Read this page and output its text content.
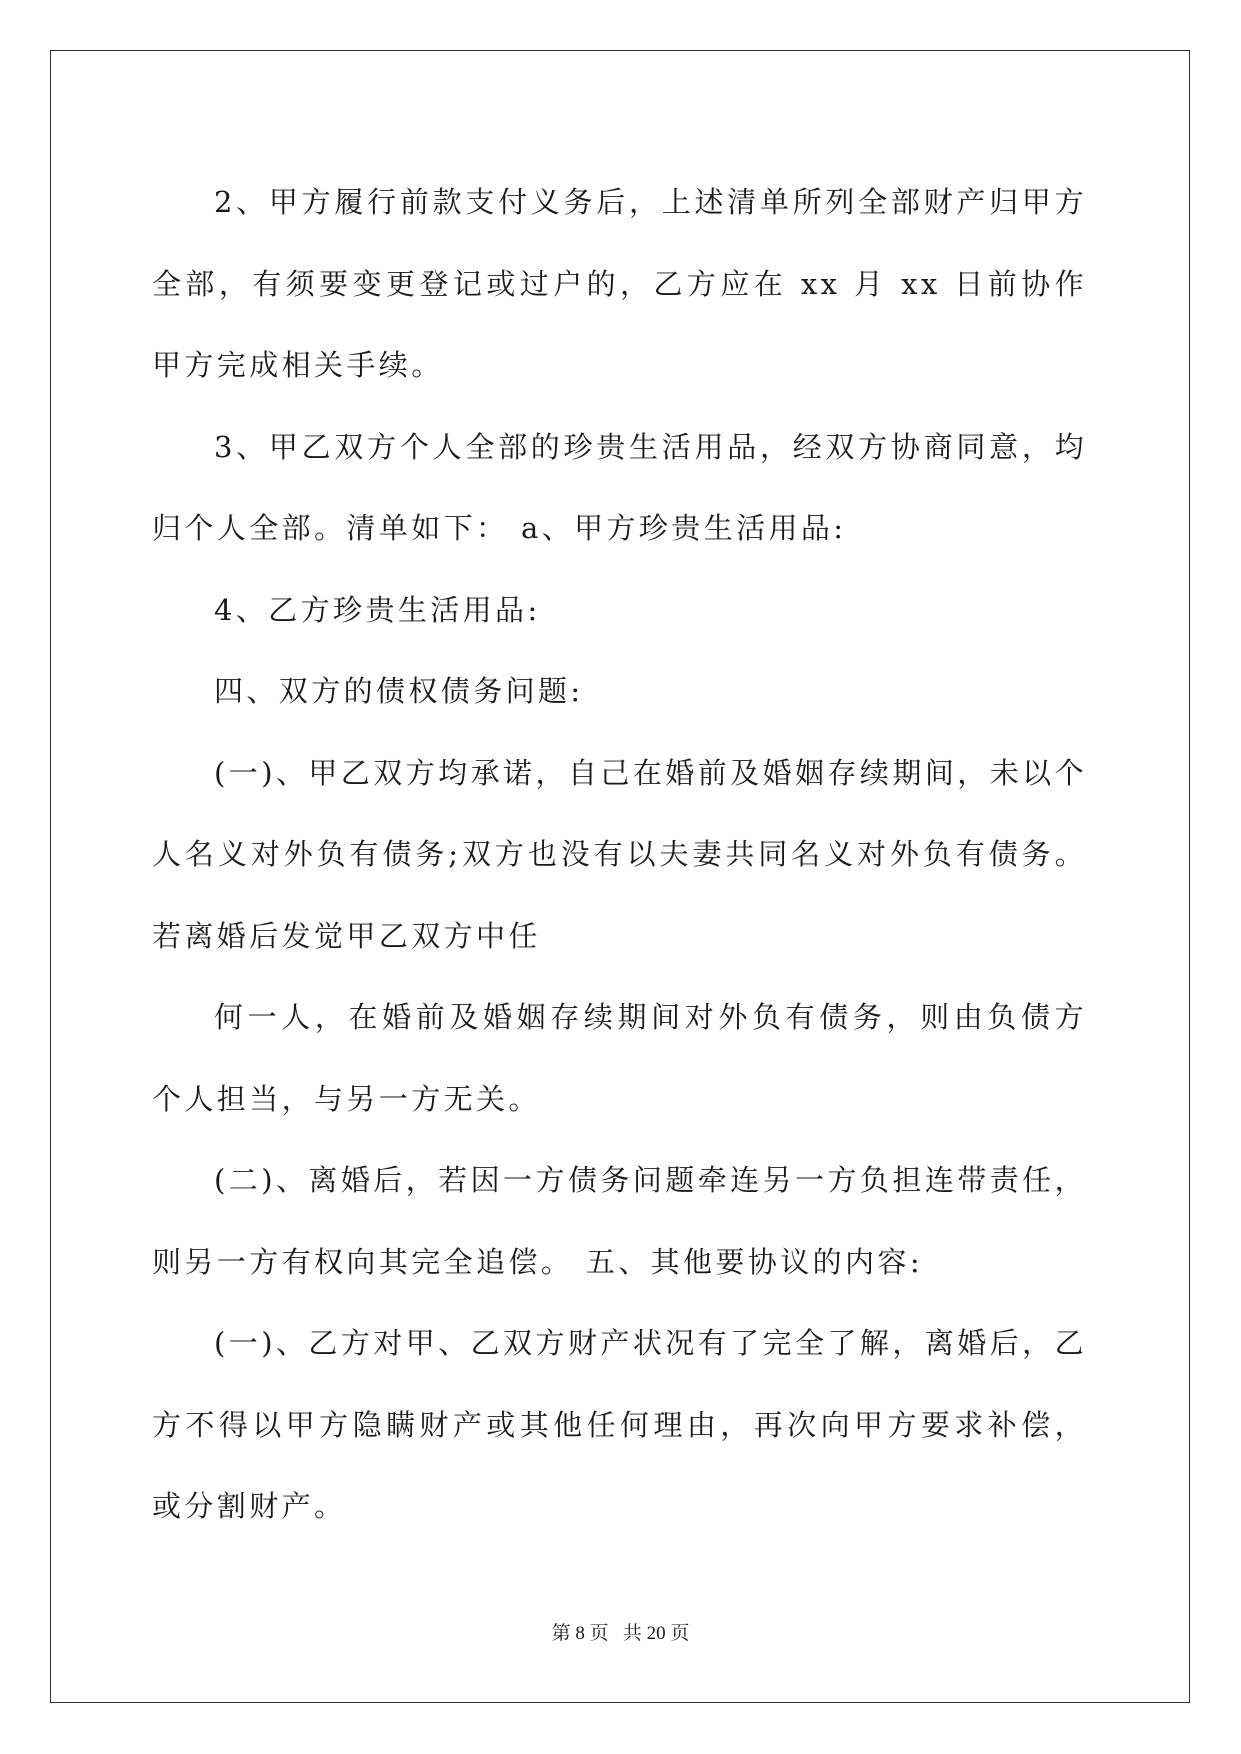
2、甲方履行前款支付义务后，上述清单所列全部财产归甲方全部，有须要变更登记或过户的，乙方应在 xx 月 xx 日前协作甲方完成相关手续。

3、甲乙双方个人全部的珍贵生活用品，经双方协商同意，均归个人全部。清单如下： a、甲方珍贵生活用品:

4、乙方珍贵生活用品:

四、双方的债权债务问题:

(一)、甲乙双方均承诺，自己在婚前及婚姻存续期间，未以个人名义对外负有债务;双方也没有以夫妻共同名义对外负有债务。若离婚后发觉甲乙双方中任

何一人，在婚前及婚姻存续期间对外负有债务，则由负债方个人担当，与另一方无关。

(二)、离婚后，若因一方债务问题牵连另一方负担连带责任，则另一方有权向其完全追偿。 五、其他要协议的内容:

(一)、乙方对甲、乙双方财产状况有了完全了解，离婚后，乙方不得以甲方隐瞒财产或其他任何理由，再次向甲方要求补偿，或分割财产。

第 8 页 共 20 页
